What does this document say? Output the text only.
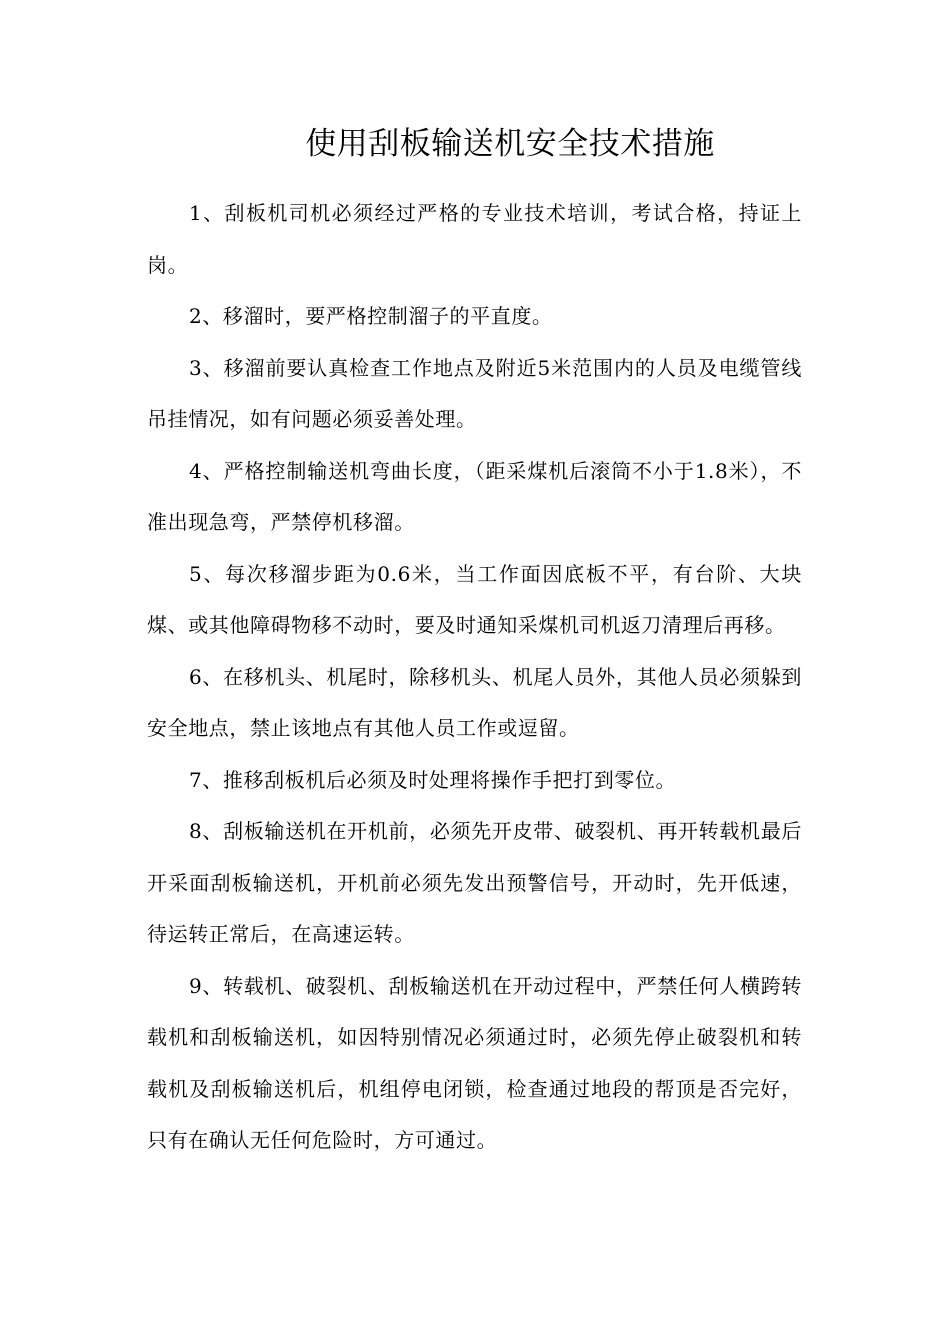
使用刮板输送机安全技术措施

1、刮板机司机必须经过严格的专业技术培训，考试合格，持证上岗。

2、移溜时，要严格控制溜子的平直度。

3、移溜前要认真检查工作地点及附近5米范围内的人员及电缆管线吊挂情况，如有问题必须妥善处理。

4、严格控制输送机弯曲长度，（距采煤机后滚筒不小于1.8米），不准出现急弯，严禁停机移溜。

5、每次移溜步距为0.6米，当工作面因底板不平，有台阶、大块煤、或其他障碍物移不动时，要及时通知采煤机司机返刀清理后再移。

6、在移机头、机尾时，除移机头、机尾人员外，其他人员必须躲到安全地点，禁止该地点有其他人员工作或逗留。

7、推移刮板机后必须及时处理将操作手把打到零位。

8、刮板输送机在开机前，必须先开皮带、破裂机、再开转载机最后开采面刮板输送机，开机前必须先发出预警信号，开动时，先开低速，待运转正常后，在高速运转。

9、转载机、破裂机、刮板输送机在开动过程中，严禁任何人横跨转载机和刮板输送机，如因特别情况必须通过时，必须先停止破裂机和转载机及刮板输送机后，机组停电闭锁，检查通过地段的帮顶是否完好，只有在确认无任何危险时，方可通过。
